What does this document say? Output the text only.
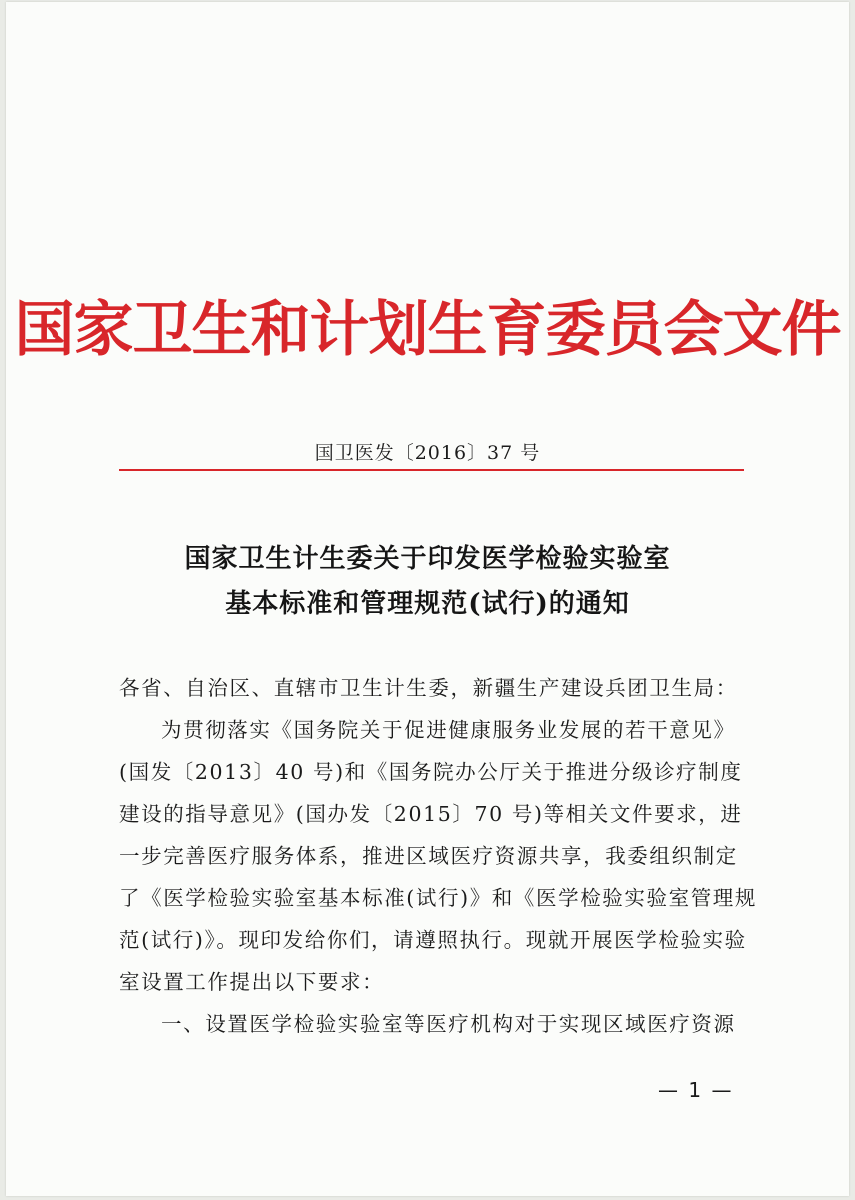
国家卫生和计划生育委员会文件
国卫医发〔2016〕37 号
国家卫生计生委关于印发医学检验实验室
基本标准和管理规范(试行)的通知

各省、自治区、直辖市卫生计生委，新疆生产建设兵团卫生局：

为贯彻落实《国务院关于促进健康服务业发展的若干意见》(国发〔2013〕40 号)和《国务院办公厅关于推进分级诊疗制度建设的指导意见》(国办发〔2015〕70 号)等相关文件要求，进一步完善医疗服务体系，推进区域医疗资源共享，我委组织制定了《医学检验实验室基本标准(试行)》和《医学检验实验室管理规范(试行)》。现印发给你们，请遵照执行。现就开展医学检验实验室设置工作提出以下要求：

一、设置医学检验实验室等医疗机构对于实现区域医疗资源

— 1 —
